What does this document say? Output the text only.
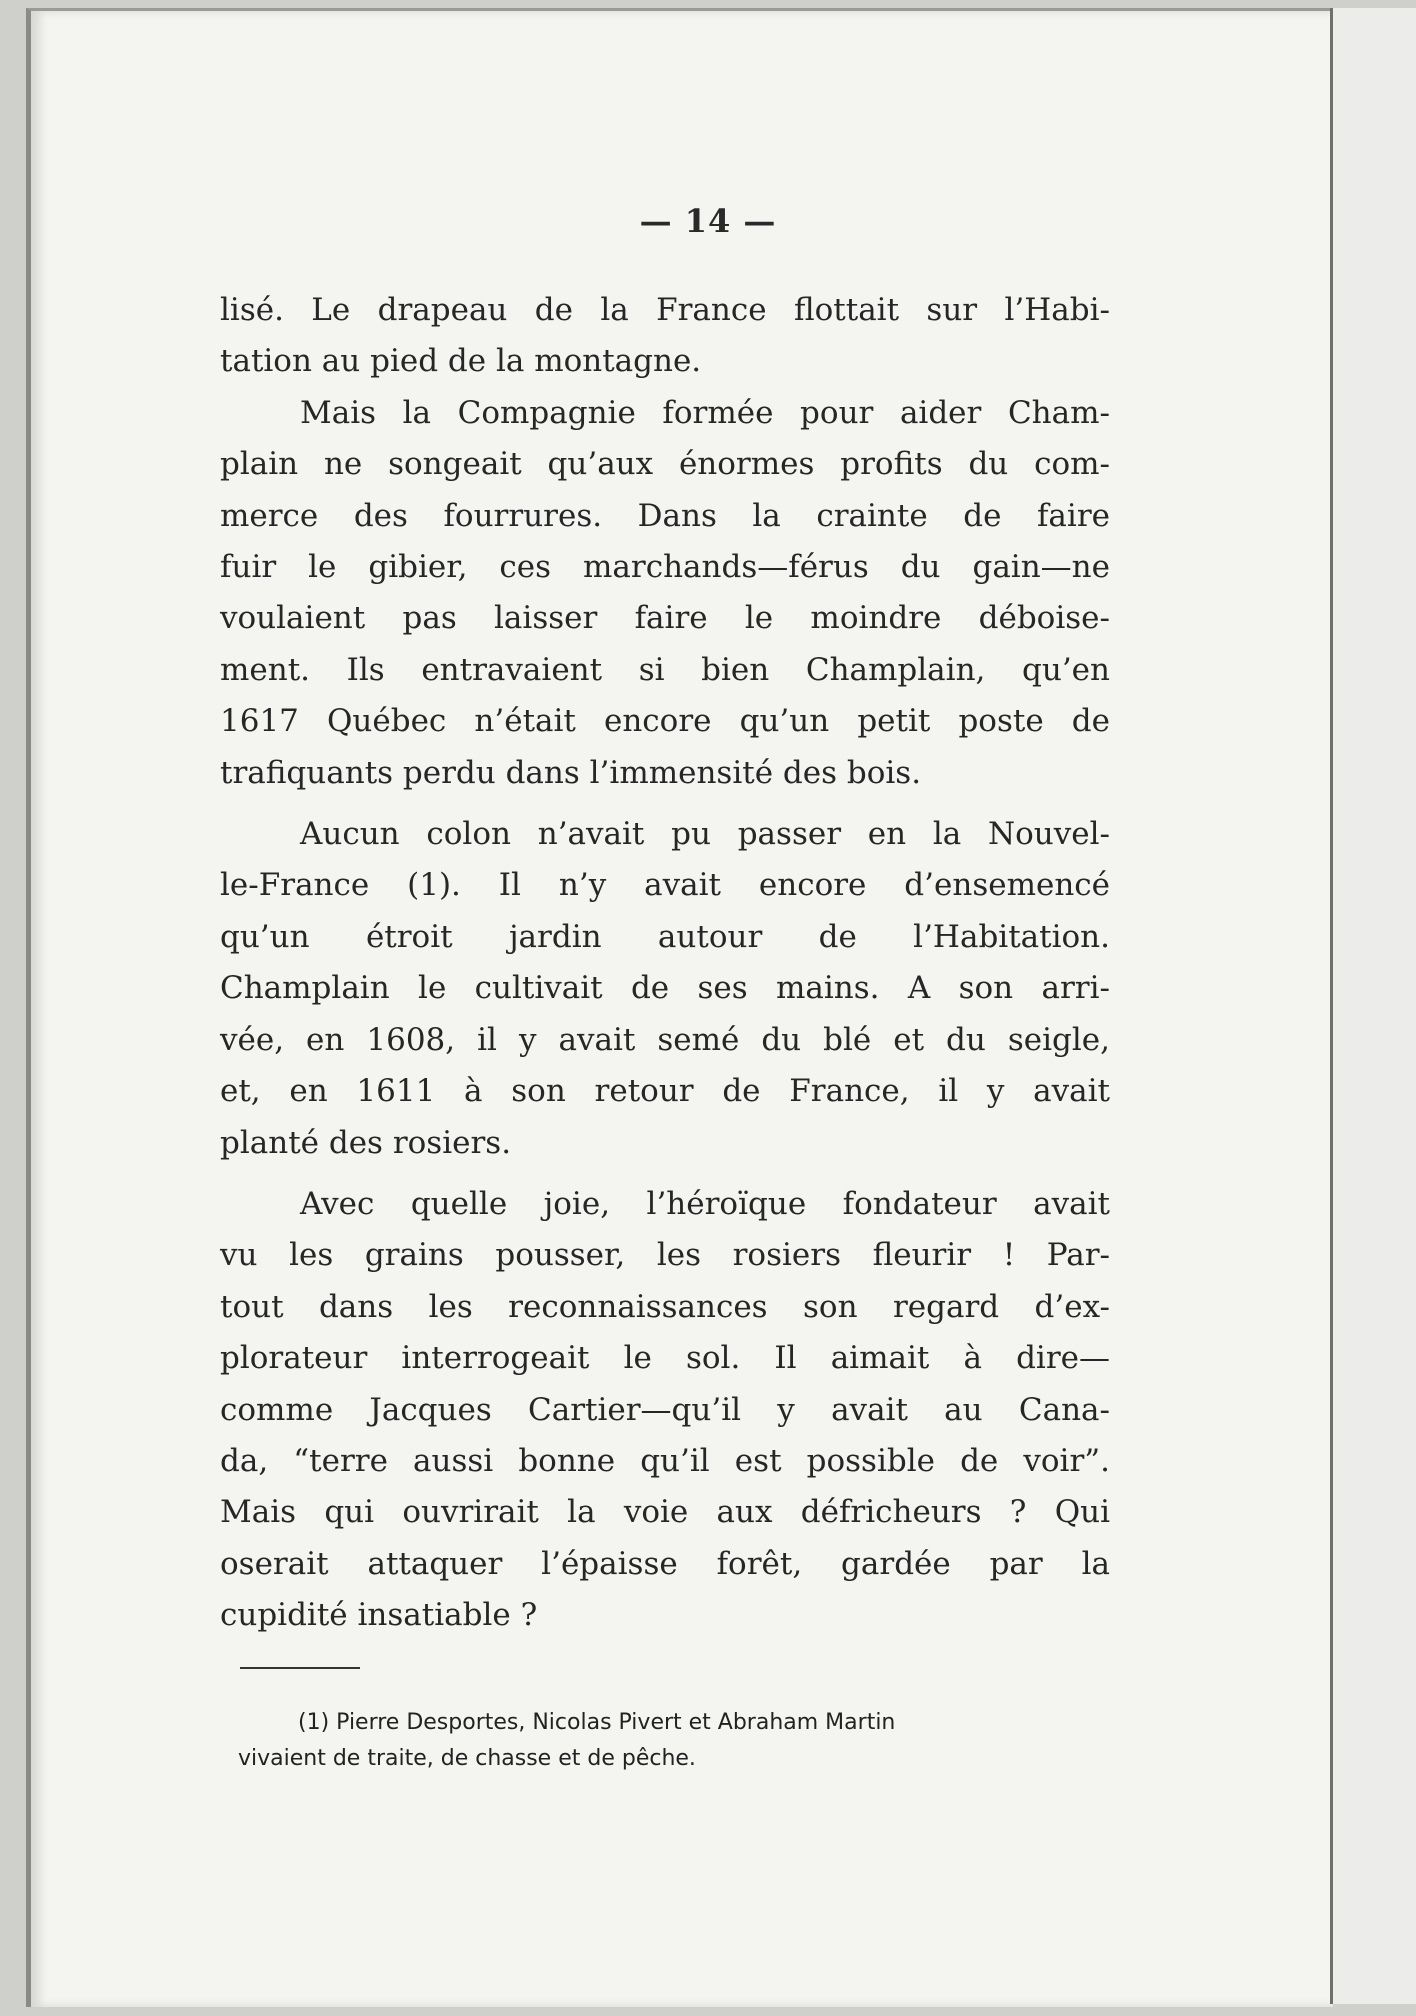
— 14 —
lisé. Le drapeau de la France flottait sur l’Habi-
tation au pied de la montagne.
Mais la Compagnie formée pour aider Cham-
plain ne songeait qu’aux énormes profits du com-
merce des fourrures. Dans la crainte de faire
fuir le gibier, ces marchands—férus du gain—ne
voulaient pas laisser faire le moindre déboise-
ment. Ils entravaient si bien Champlain, qu’en
1617 Québec n’était encore qu’un petit poste de
trafiquants perdu dans l’immensité des bois.
Aucun colon n’avait pu passer en la Nouvel-
le-France (1). Il n’y avait encore d’ensemencé
qu’un étroit jardin autour de l’Habitation.
Champlain le cultivait de ses mains. A son arri-
vée, en 1608, il y avait semé du blé et du seigle,
et, en 1611 à son retour de France, il y avait
planté des rosiers.
Avec quelle joie, l’héroïque fondateur avait
vu les grains pousser, les rosiers fleurir ! Par-
tout dans les reconnaissances son regard d’ex-
plorateur interrogeait le sol. Il aimait à dire—
comme Jacques Cartier—qu’il y avait au Cana-
da, “terre aussi bonne qu’il est possible de voir”.
Mais qui ouvrirait la voie aux défricheurs ? Qui
oserait attaquer l’épaisse forêt, gardée par la
cupidité insatiable ?
(1) Pierre Desportes, Nicolas Pivert et Abraham Martin
vivaient de traite, de chasse et de pêche.
